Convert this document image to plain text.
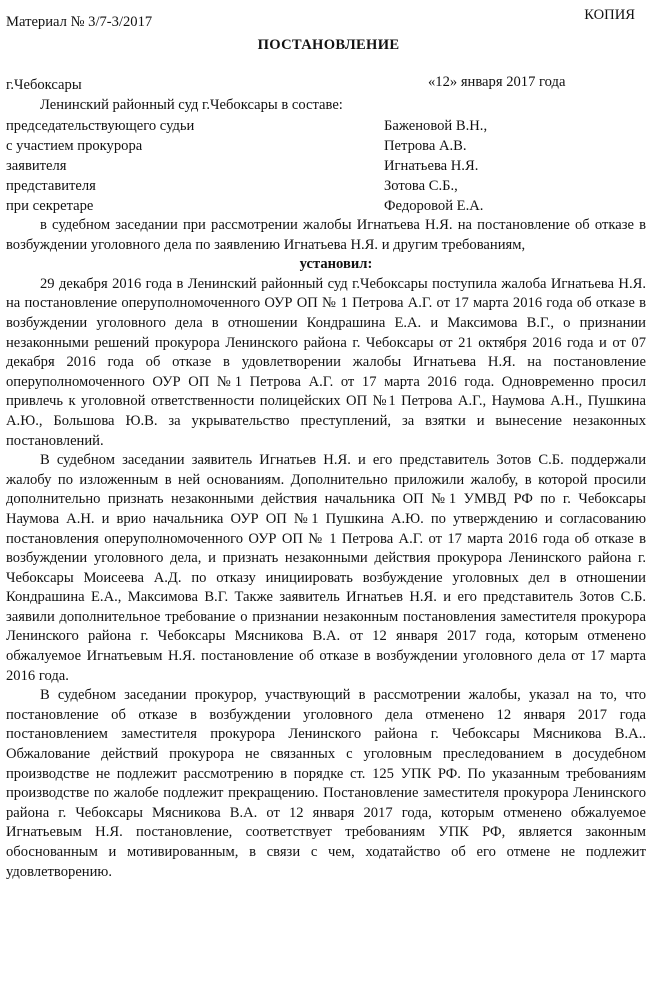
Материал № 3/7-3/2017	КОПИЯ
ПОСТАНОВЛЕНИЕ
г.Чебоксары	«12» января 2017 года
Ленинский районный суд г.Чебоксары в составе:
председательствующего судьи	Баженовой В.Н.,
с участием прокурора	Петрова А.В.
заявителя	Игнатьева Н.Я.
представителя	Зотова С.Б.,
при секретаре	Федоровой Е.А.

в судебном заседании при рассмотрении жалобы Игнатьева Н.Я. на постановление об отказе в возбуждении уголовного дела по заявлению Игнатьева Н.Я. и другим требованиям,

установил:

29 декабря 2016 года в Ленинский районный суд г.Чебоксары поступила жалоба Игнатьева Н.Я. на постановление оперуполномоченного ОУР ОП № 1 Петрова А.Г. от 17 марта 2016 года об отказе в возбуждении уголовного дела в отношении Кондрашина Е.А. и Максимова В.Г., о признании незаконными решений прокурора Ленинского района г. Чебоксары от 21 октября 2016 года и от 07 декабря 2016 года об отказе в удовлетворении жалобы Игнатьева Н.Я. на постановление оперуполномоченного ОУР ОП №1 Петрова А.Г. от 17 марта 2016 года. Одновременно просил привлечь к уголовной ответственности полицейских ОП №1 Петрова А.Г., Наумова А.Н., Пушкина А.Ю., Большова Ю.В. за укрывательство преступлений, за взятки и вынесение незаконных постановлений.

В судебном заседании заявитель Игнатьев Н.Я. и его представитель Зотов С.Б. поддержали жалобу по изложенным в ней основаниям. Дополнительно приложили жалобу, в которой просили дополнительно признать незаконными действия начальника ОП №1 УМВД РФ по г. Чебоксары Наумова А.Н. и врио начальника ОУР ОП №1 Пушкина А.Ю. по утверждению и согласованию постановления оперуполномоченного ОУР ОП № 1 Петрова А.Г. от 17 марта 2016 года об отказе в возбуждении уголовного дела, и признать незаконными действия прокурора Ленинского района г. Чебоксары Моисеева А.Д. по отказу инициировать возбуждение уголовных дел в отношении Кондрашина Е.А., Максимова В.Г. Также заявитель Игнатьев Н.Я. и его представитель Зотов С.Б. заявили дополнительное требование о признании незаконным постановления заместителя прокурора Ленинского района г. Чебоксары Мясникова В.А. от 12 января 2017 года, которым отменено обжалуемое Игнатьевым Н.Я. постановление об отказе в возбуждении уголовного дела от 17 марта 2016 года.

В судебном заседании прокурор, участвующий в рассмотрении жалобы, указал на то, что постановление об отказе в возбуждении уголовного дела отменено 12 января 2017 года постановлением заместителя прокурора Ленинского района г. Чебоксары Мясникова В.А.. Обжалование действий прокурора не связанных с уголовным преследованием в досудебном производстве не подлежит рассмотрению в порядке ст. 125 УПК РФ. По указанным требованиям производстве по жалобе подлежит прекращению. Постановление заместителя прокурора Ленинского района г. Чебоксары Мясникова В.А. от 12 января 2017 года, которым отменено обжалуемое Игнатьевым Н.Я. постановление, соответствует требованиям УПК РФ, является законным обоснованным и мотивированным, в связи с чем, ходатайство об его отмене не подлежит удовлетворению.
